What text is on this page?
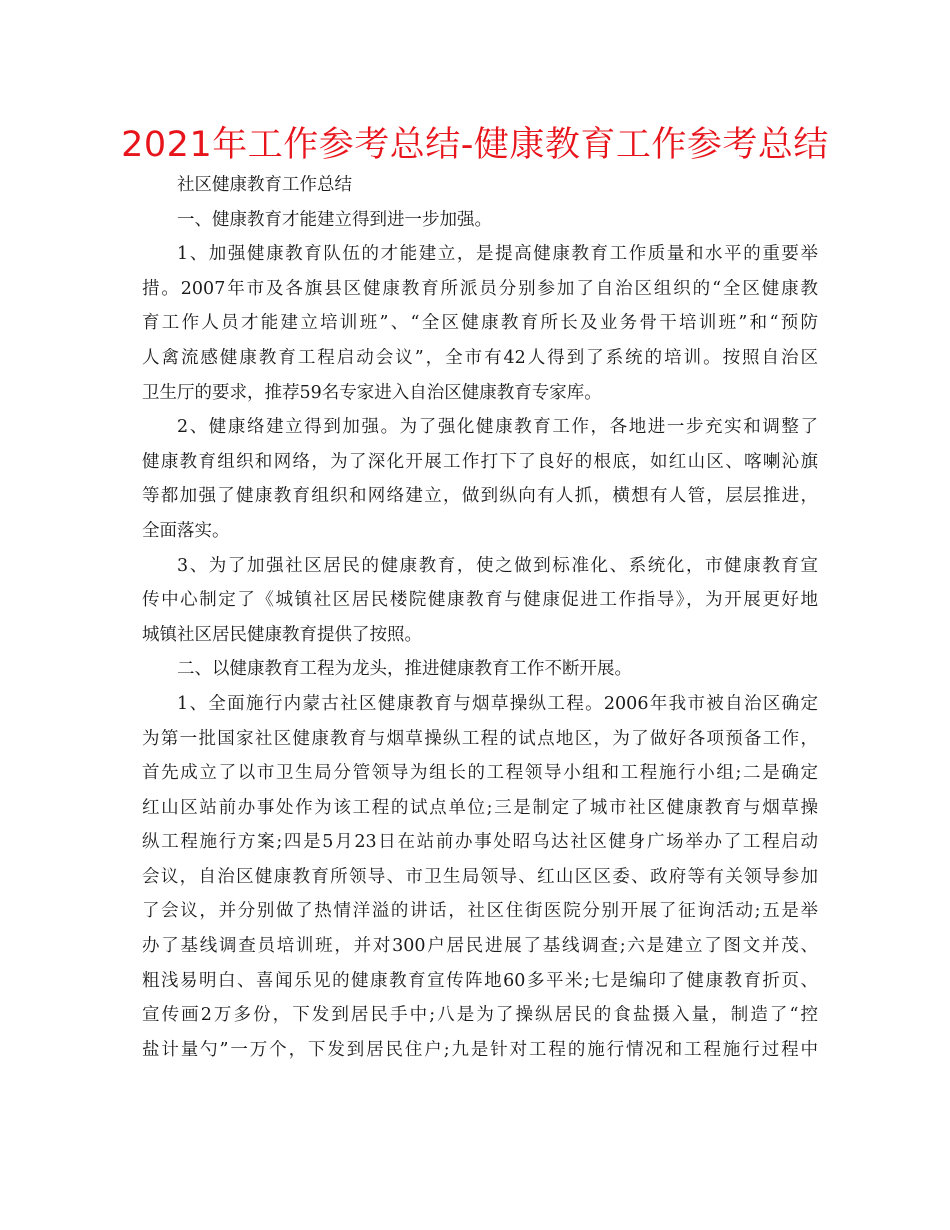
2021年工作参考总结-健康教育工作参考总结
社区健康教育工作总结
一、健康教育才能建立得到进一步加强。
1、加强健康教育队伍的才能建立，是提高健康教育工作质量和水平的重要举
措。2007年市及各旗县区健康教育所派员分别参加了自治区组织的“全区健康教
育工作人员才能建立培训班”、“全区健康教育所长及业务骨干培训班”和“预防
人禽流感健康教育工程启动会议”，全市有42人得到了系统的培训。按照自治区
卫生厅的要求，推荐59名专家进入自治区健康教育专家库。
2、健康络建立得到加强。为了强化健康教育工作，各地进一步充实和调整了
健康教育组织和网络，为了深化开展工作打下了良好的根底，如红山区、喀喇沁旗
等都加强了健康教育组织和网络建立，做到纵向有人抓，横想有人管，层层推进，
全面落实。
3、为了加强社区居民的健康教育，使之做到标准化、系统化，市健康教育宣
传中心制定了《城镇社区居民楼院健康教育与健康促进工作指导》，为开展更好地
城镇社区居民健康教育提供了按照。
二、以健康教育工程为龙头，推进健康教育工作不断开展。
1、全面施行内蒙古社区健康教育与烟草操纵工程。2006年我市被自治区确定
为第一批国家社区健康教育与烟草操纵工程的试点地区，为了做好各项预备工作，
首先成立了以市卫生局分管领导为组长的工程领导小组和工程施行小组;二是确定
红山区站前办事处作为该工程的试点单位;三是制定了城市社区健康教育与烟草操
纵工程施行方案;四是5月23日在站前办事处昭乌达社区健身广场举办了工程启动
会议，自治区健康教育所领导、市卫生局领导、红山区区委、政府等有关领导参加
了会议，并分别做了热情洋溢的讲话，社区住街医院分别开展了征询活动;五是举
办了基线调查员培训班，并对300户居民进展了基线调查;六是建立了图文并茂、
粗浅易明白、喜闻乐见的健康教育宣传阵地60多平米;七是编印了健康教育折页、
宣传画2万多份，下发到居民手中;八是为了操纵居民的食盐摄入量，制造了“控
盐计量勺”一万个，下发到居民住户;九是针对工程的施行情况和工程施行过程中
